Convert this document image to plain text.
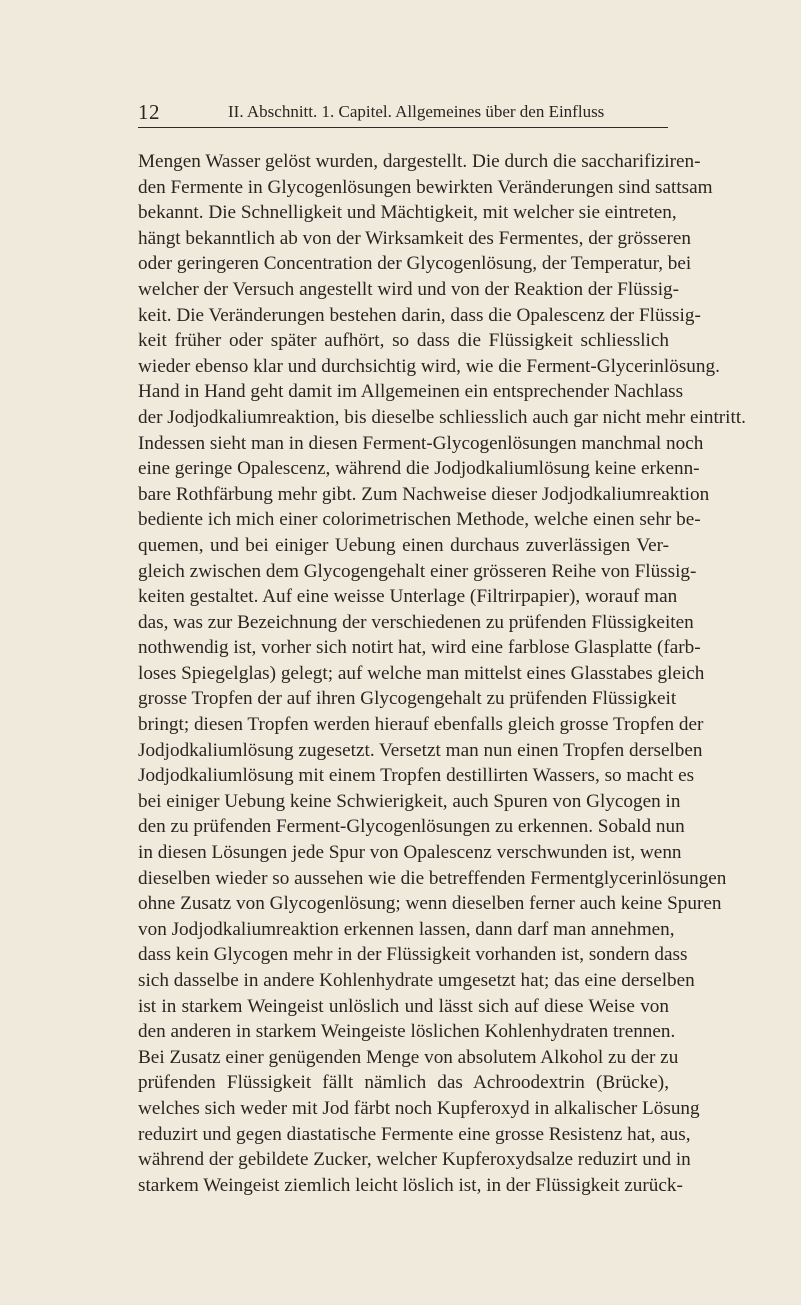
12	II. Abschnitt. 1. Capitel. Allgemeines über den Einfluss
Mengen Wasser gelöst wurden, dargestellt. Die durch die saccharifiziren-
den Fermente in Glycogenlösungen bewirkten Veränderungen sind sattsam
bekannt. Die Schnelligkeit und Mächtigkeit, mit welcher sie eintreten,
hängt bekanntlich ab von der Wirksamkeit des Fermentes, der grösseren
oder geringeren Concentration der Glycogenlösung, der Temperatur, bei
welcher der Versuch angestellt wird und von der Reaktion der Flüssig-
keit. Die Veränderungen bestehen darin, dass die Opalescenz der Flüssig-
keit früher oder später aufhört, so dass die Flüssigkeit schliesslich
wieder ebenso klar und durchsichtig wird, wie die Ferment-Glycerinlösung.
Hand in Hand geht damit im Allgemeinen ein entsprechender Nachlass
der Jodjodkaliumreaktion, bis dieselbe schliesslich auch gar nicht mehr eintritt.
Indessen sieht man in diesen Ferment-Glycogenlösungen manchmal noch
eine geringe Opalescenz, während die Jodjodkaliumlösung keine erkenn-
bare Rothfärbung mehr gibt. Zum Nachweise dieser Jodjodkaliumreaktion
bediente ich mich einer colorimetrischen Methode, welche einen sehr be-
quemen, und bei einiger Uebung einen durchaus zuverlässigen Ver-
gleich zwischen dem Glycogengehalt einer grösseren Reihe von Flüssig-
keiten gestaltet. Auf eine weisse Unterlage (Filtrirpapier), worauf man
das, was zur Bezeichnung der verschiedenen zu prüfenden Flüssigkeiten
nothwendig ist, vorher sich notirt hat, wird eine farblose Glasplatte (farb-
loses Spiegelglas) gelegt; auf welche man mittelst eines Glasstabes gleich
grosse Tropfen der auf ihren Glycogengehalt zu prüfenden Flüssigkeit
bringt; diesen Tropfen werden hierauf ebenfalls gleich grosse Tropfen der
Jodjodkaliumlösung zugesetzt. Versetzt man nun einen Tropfen derselben
Jodjodkaliumlösung mit einem Tropfen destillirten Wassers, so macht es
bei einiger Uebung keine Schwierigkeit, auch Spuren von Glycogen in
den zu prüfenden Ferment-Glycogenlösungen zu erkennen. Sobald nun
in diesen Lösungen jede Spur von Opalescenz verschwunden ist, wenn
dieselben wieder so aussehen wie die betreffenden Fermentglycerinlösungen
ohne Zusatz von Glycogenlösung; wenn dieselben ferner auch keine Spuren
von Jodjodkaliumreaktion erkennen lassen, dann darf man annehmen,
dass kein Glycogen mehr in der Flüssigkeit vorhanden ist, sondern dass
sich dasselbe in andere Kohlenhydrate umgesetzt hat; das eine derselben
ist in starkem Weingeist unlöslich und lässt sich auf diese Weise von
den anderen in starkem Weingeiste löslichen Kohlenhydraten trennen.
Bei Zusatz einer genügenden Menge von absolutem Alkohol zu der zu
prüfenden Flüssigkeit fällt nämlich das Achroodextrin (Brücke),
welches sich weder mit Jod färbt noch Kupferoxyd in alkalischer Lösung
reduzirt und gegen diastatische Fermente eine grosse Resistenz hat, aus,
während der gebildete Zucker, welcher Kupferoxydsalze reduzirt und in
starkem Weingeist ziemlich leicht löslich ist, in der Flüssigkeit zurück-
